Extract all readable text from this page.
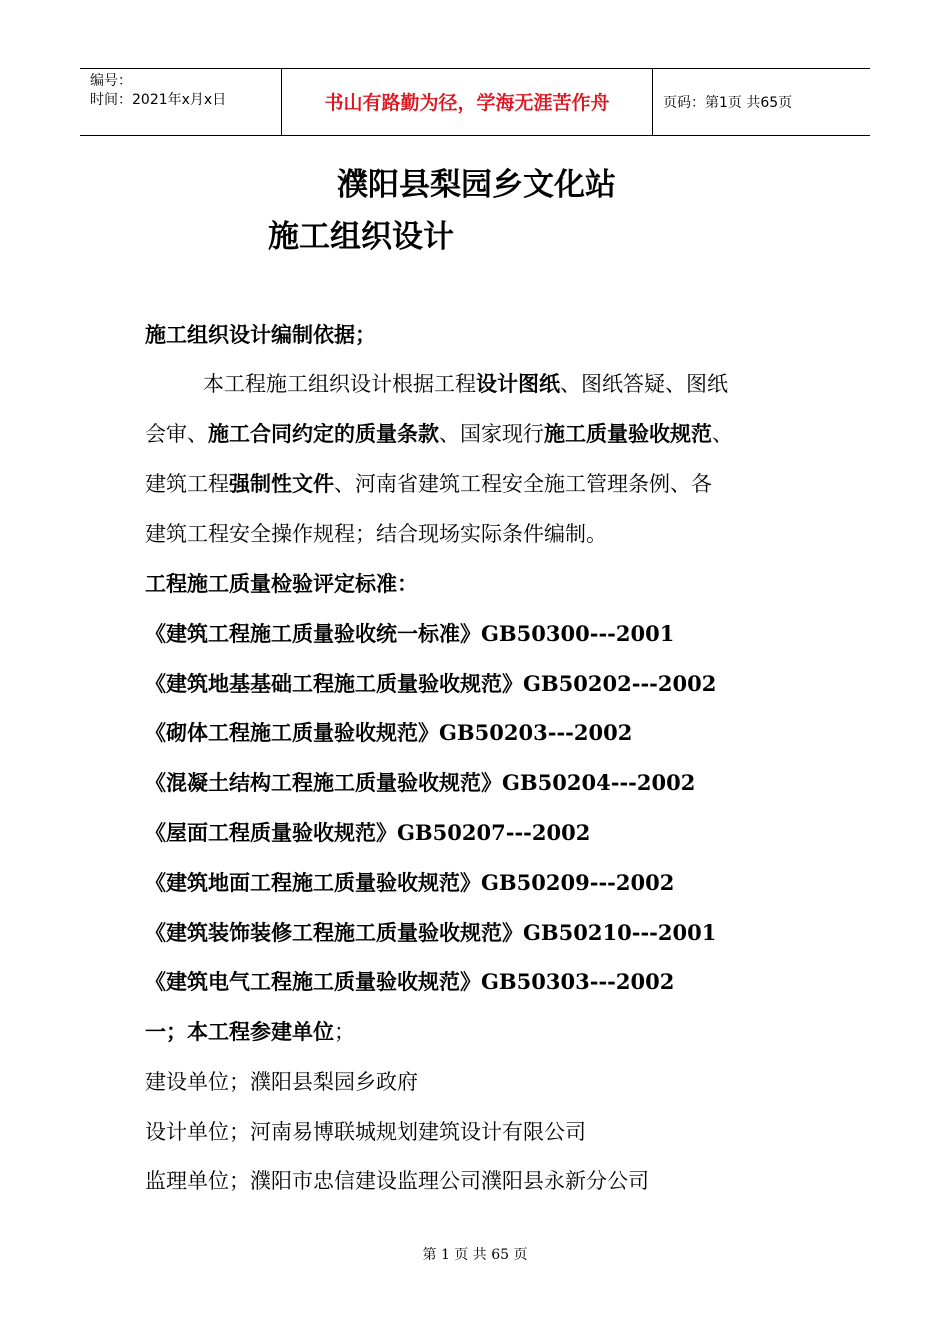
编号：
时间：2021年x月x日	书山有路勤为径，学海无涯苦作舟	页码：第1页 共65页
濮阳县梨园乡文化站
施工组织设计
施工组织设计编制依据；
本工程施工组织设计根据工程设计图纸、图纸答疑、图纸
会审、施工合同约定的质量条款、国家现行施工质量验收规范、
建筑工程强制性文件、河南省建筑工程安全施工管理条例、各
建筑工程安全操作规程；结合现场实际条件编制。
工程施工质量检验评定标准：
《建筑工程施工质量验收统一标准》GB50300---2001
《建筑地基基础工程施工质量验收规范》GB50202---2002
《砌体工程施工质量验收规范》GB50203---2002
《混凝土结构工程施工质量验收规范》GB50204---2002
《屋面工程质量验收规范》GB50207---2002
《建筑地面工程施工质量验收规范》GB50209---2002
《建筑装饰装修工程施工质量验收规范》GB50210---2001
《建筑电气工程施工质量验收规范》GB50303---2002
一；本工程参建单位；
建设单位；濮阳县梨园乡政府
设计单位；河南易博联城规划建筑设计有限公司
监理单位；濮阳市忠信建设监理公司濮阳县永新分公司
第 1 页 共 65 页
